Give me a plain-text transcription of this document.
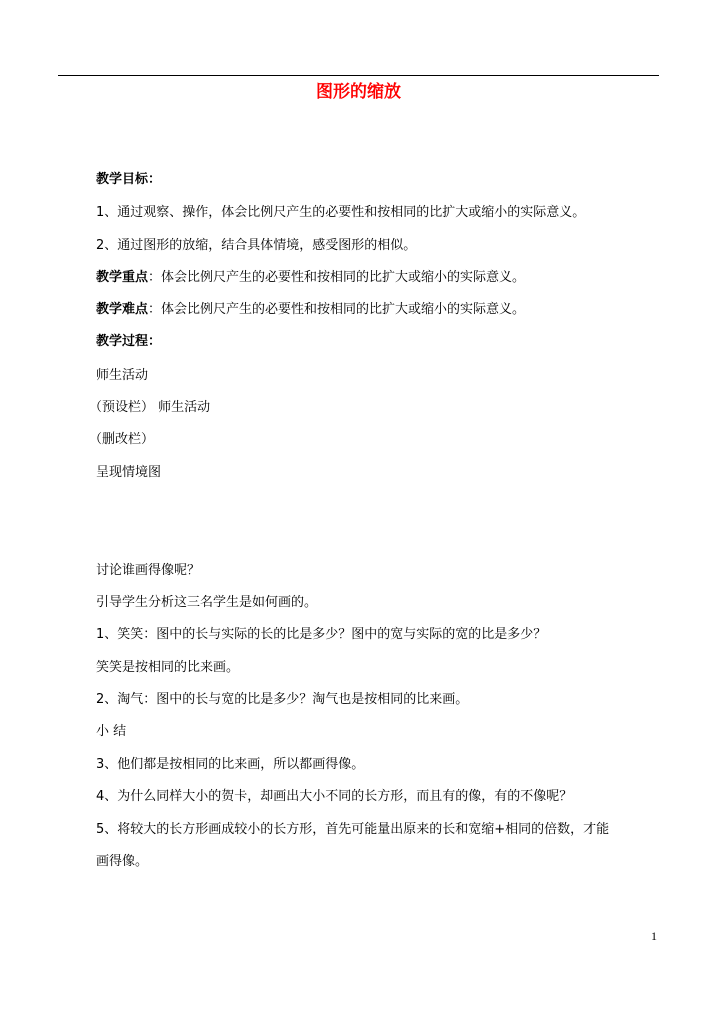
图形的缩放
教学目标：
1、通过观察、操作，体会比例尺产生的必要性和按相同的比扩大或缩小的实际意义。
2、通过图形的放缩，结合具体情境，感受图形的相似。
教学重点：体会比例尺产生的必要性和按相同的比扩大或缩小的实际意义。
教学难点：体会比例尺产生的必要性和按相同的比扩大或缩小的实际意义。
教学过程：
师生活动
（预设栏） 师生活动
（删改栏）
呈现情境图
讨论谁画得像呢？
引导学生分析这三名学生是如何画的。
1、笑笑：图中的长与实际的长的比是多少？图中的宽与实际的宽的比是多少？
笑笑是按相同的比来画。
2、淘气：图中的长与宽的比是多少？淘气也是按相同的比来画。
小 结
3、他们都是按相同的比来画，所以都画得像。
4、为什么同样大小的贺卡，却画出大小不同的长方形，而且有的像，有的不像呢？
5、将较大的长方形画成较小的长方形，首先可能量出原来的长和宽缩+相同的倍数，才能
画得像。
1
